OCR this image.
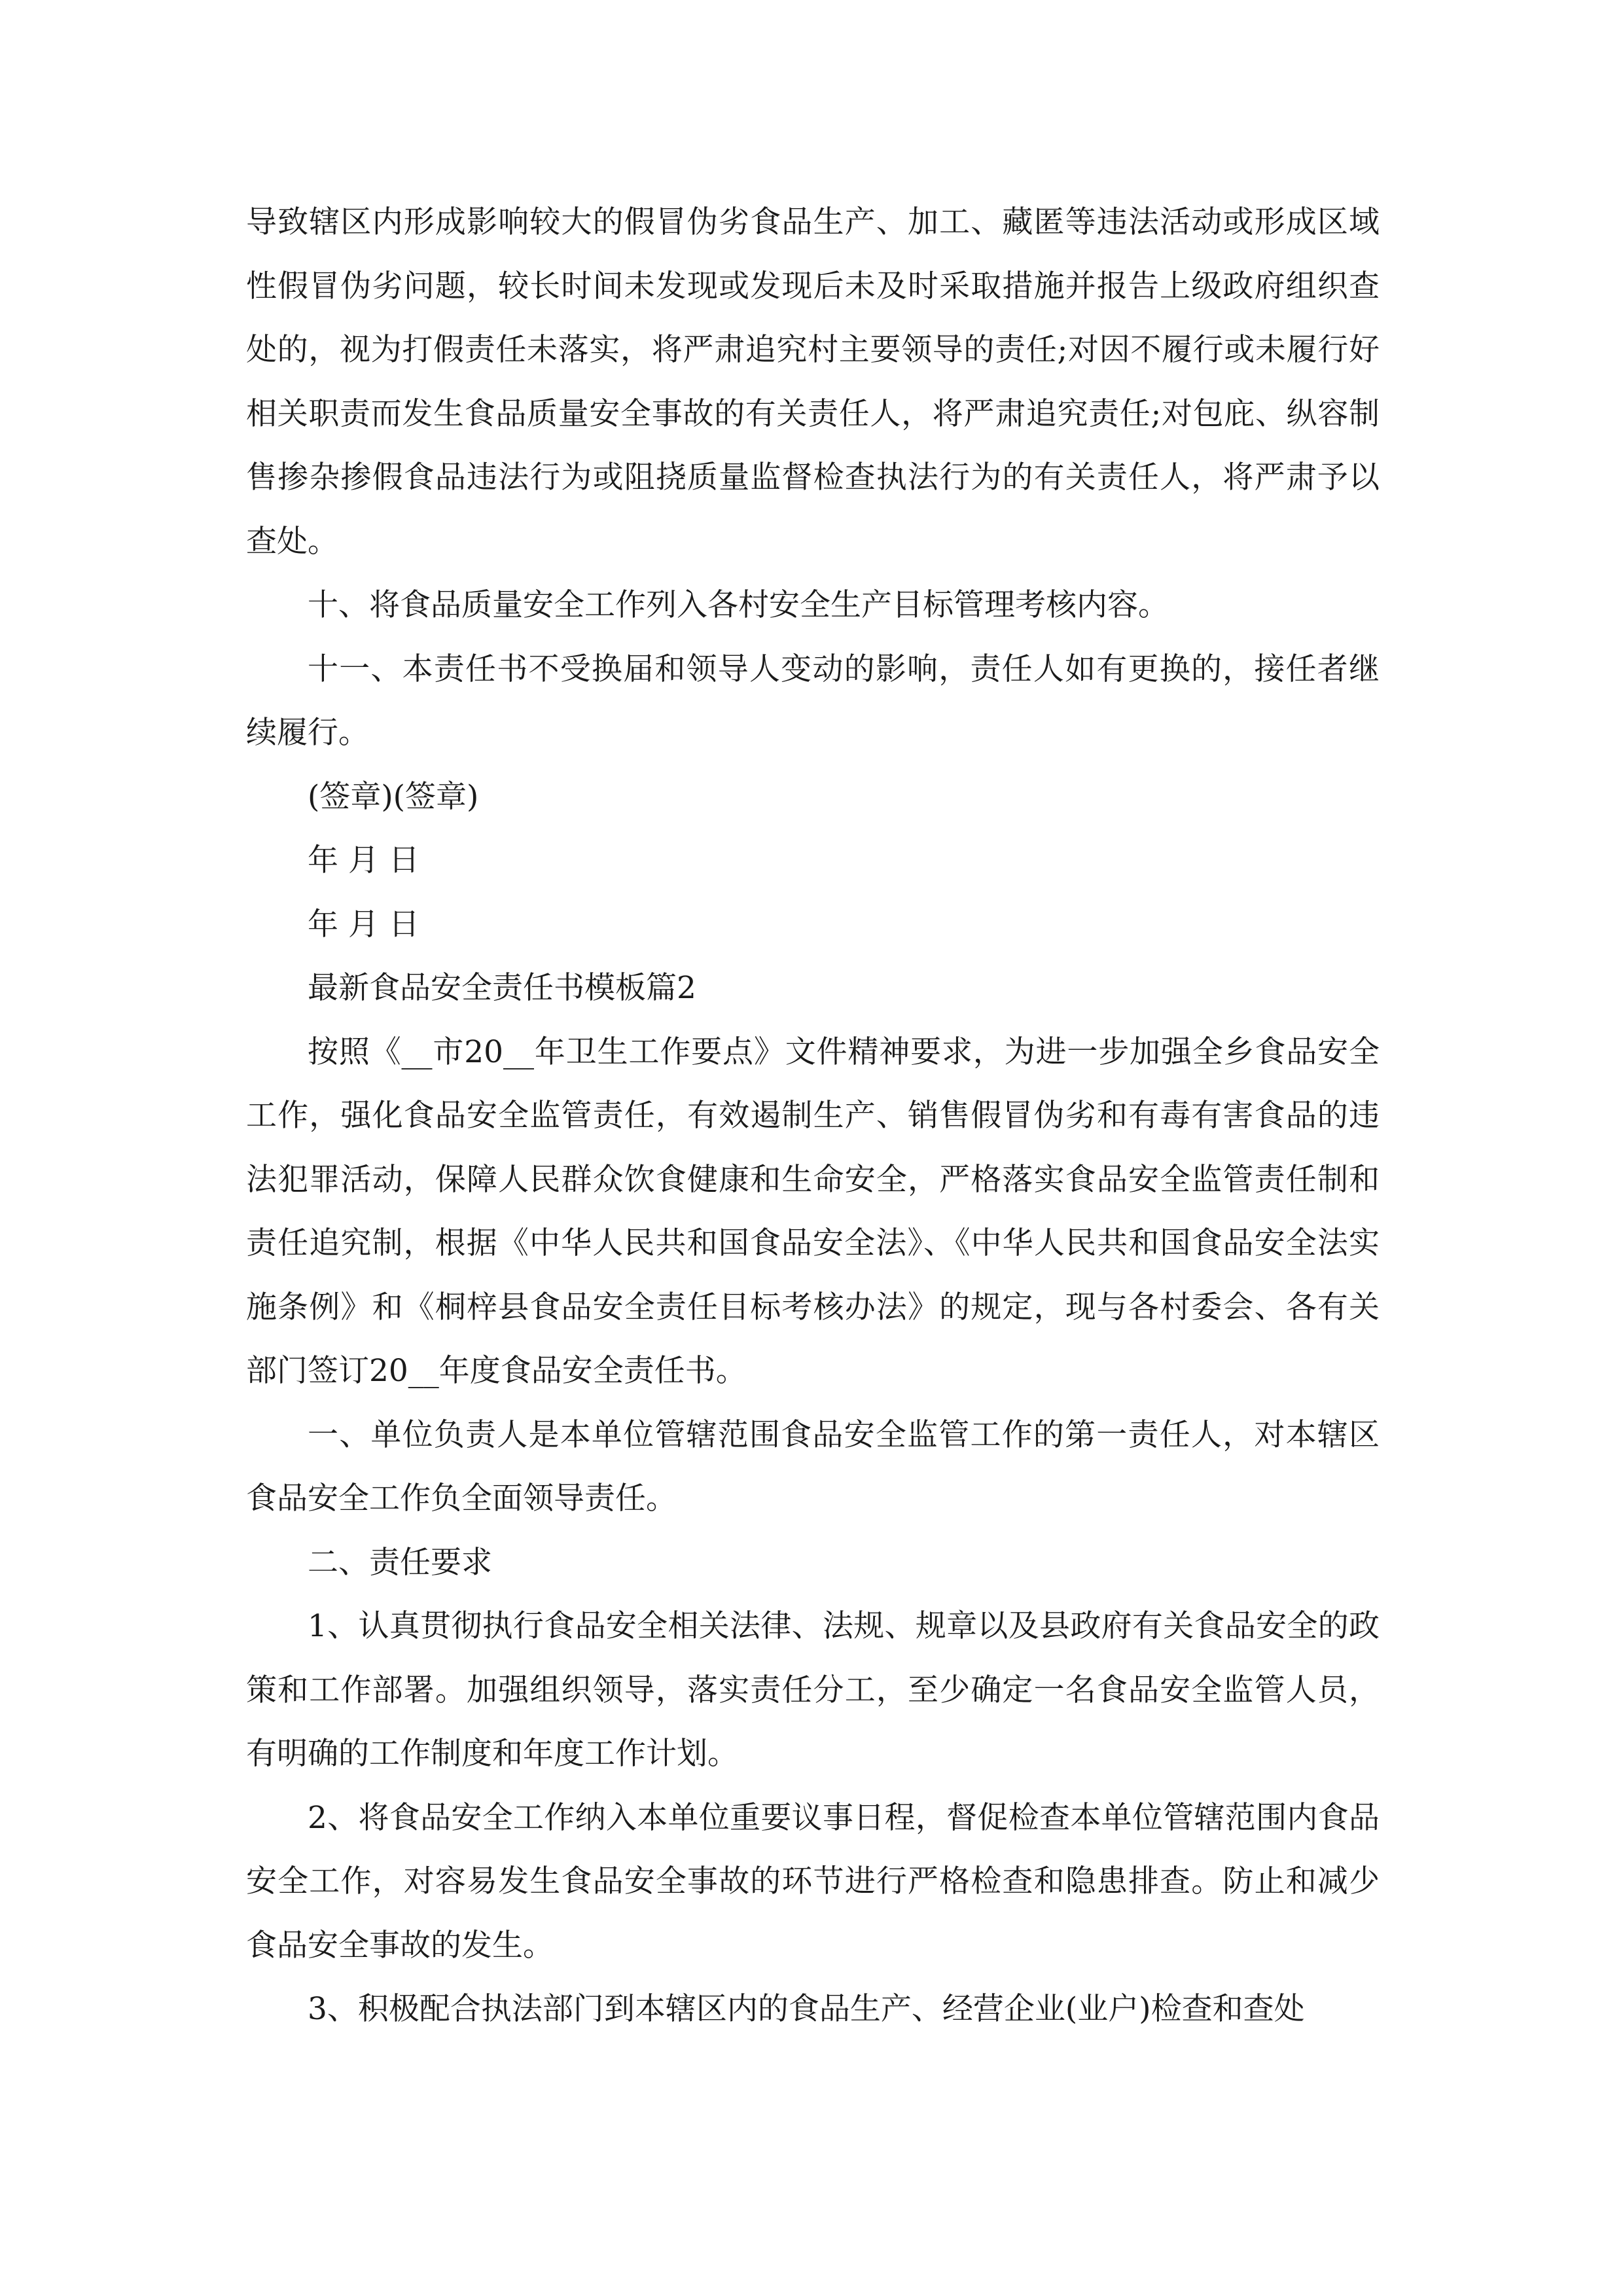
导致辖区内形成影响较大的假冒伪劣食品生产、加工、藏匿等违法活动或形成区域性假冒伪劣问题，较长时间未发现或发现后未及时采取措施并报告上级政府组织查处的，视为打假责任未落实，将严肃追究村主要领导的责任;对因不履行或未履行好相关职责而发生食品质量安全事故的有关责任人，将严肃追究责任;对包庇、纵容制售掺杂掺假食品违法行为或阻挠质量监督检查执法行为的有关责任人，将严肃予以查处。

十、将食品质量安全工作列入各村安全生产目标管理考核内容。

十一、本责任书不受换届和领导人变动的影响，责任人如有更换的，接任者继续履行。

(签章)(签章)

年 月 日

年 月 日

最新食品安全责任书模板篇2

按照《__市20__年卫生工作要点》文件精神要求，为进一步加强全乡食品安全工作，强化食品安全监管责任，有效遏制生产、销售假冒伪劣和有毒有害食品的违法犯罪活动，保障人民群众饮食健康和生命安全，严格落实食品安全监管责任制和责任追究制，根据《中华人民共和国食品安全法》、《中华人民共和国食品安全法实施条例》和《桐梓县食品安全责任目标考核办法》的规定，现与各村委会、各有关部门签订20__年度食品安全责任书。

一、单位负责人是本单位管辖范围食品安全监管工作的第一责任人，对本辖区食品安全工作负全面领导责任。

二、责任要求

1、认真贯彻执行食品安全相关法律、法规、规章以及县政府有关食品安全的政策和工作部署。加强组织领导，落实责任分工，至少确定一名食品安全监管人员，有明确的工作制度和年度工作计划。

2、将食品安全工作纳入本单位重要议事日程，督促检查本单位管辖范围内食品安全工作，对容易发生食品安全事故的环节进行严格检查和隐患排查。防止和减少食品安全事故的发生。

3、积极配合执法部门到本辖区内的食品生产、经营企业(业户)检查和查处
